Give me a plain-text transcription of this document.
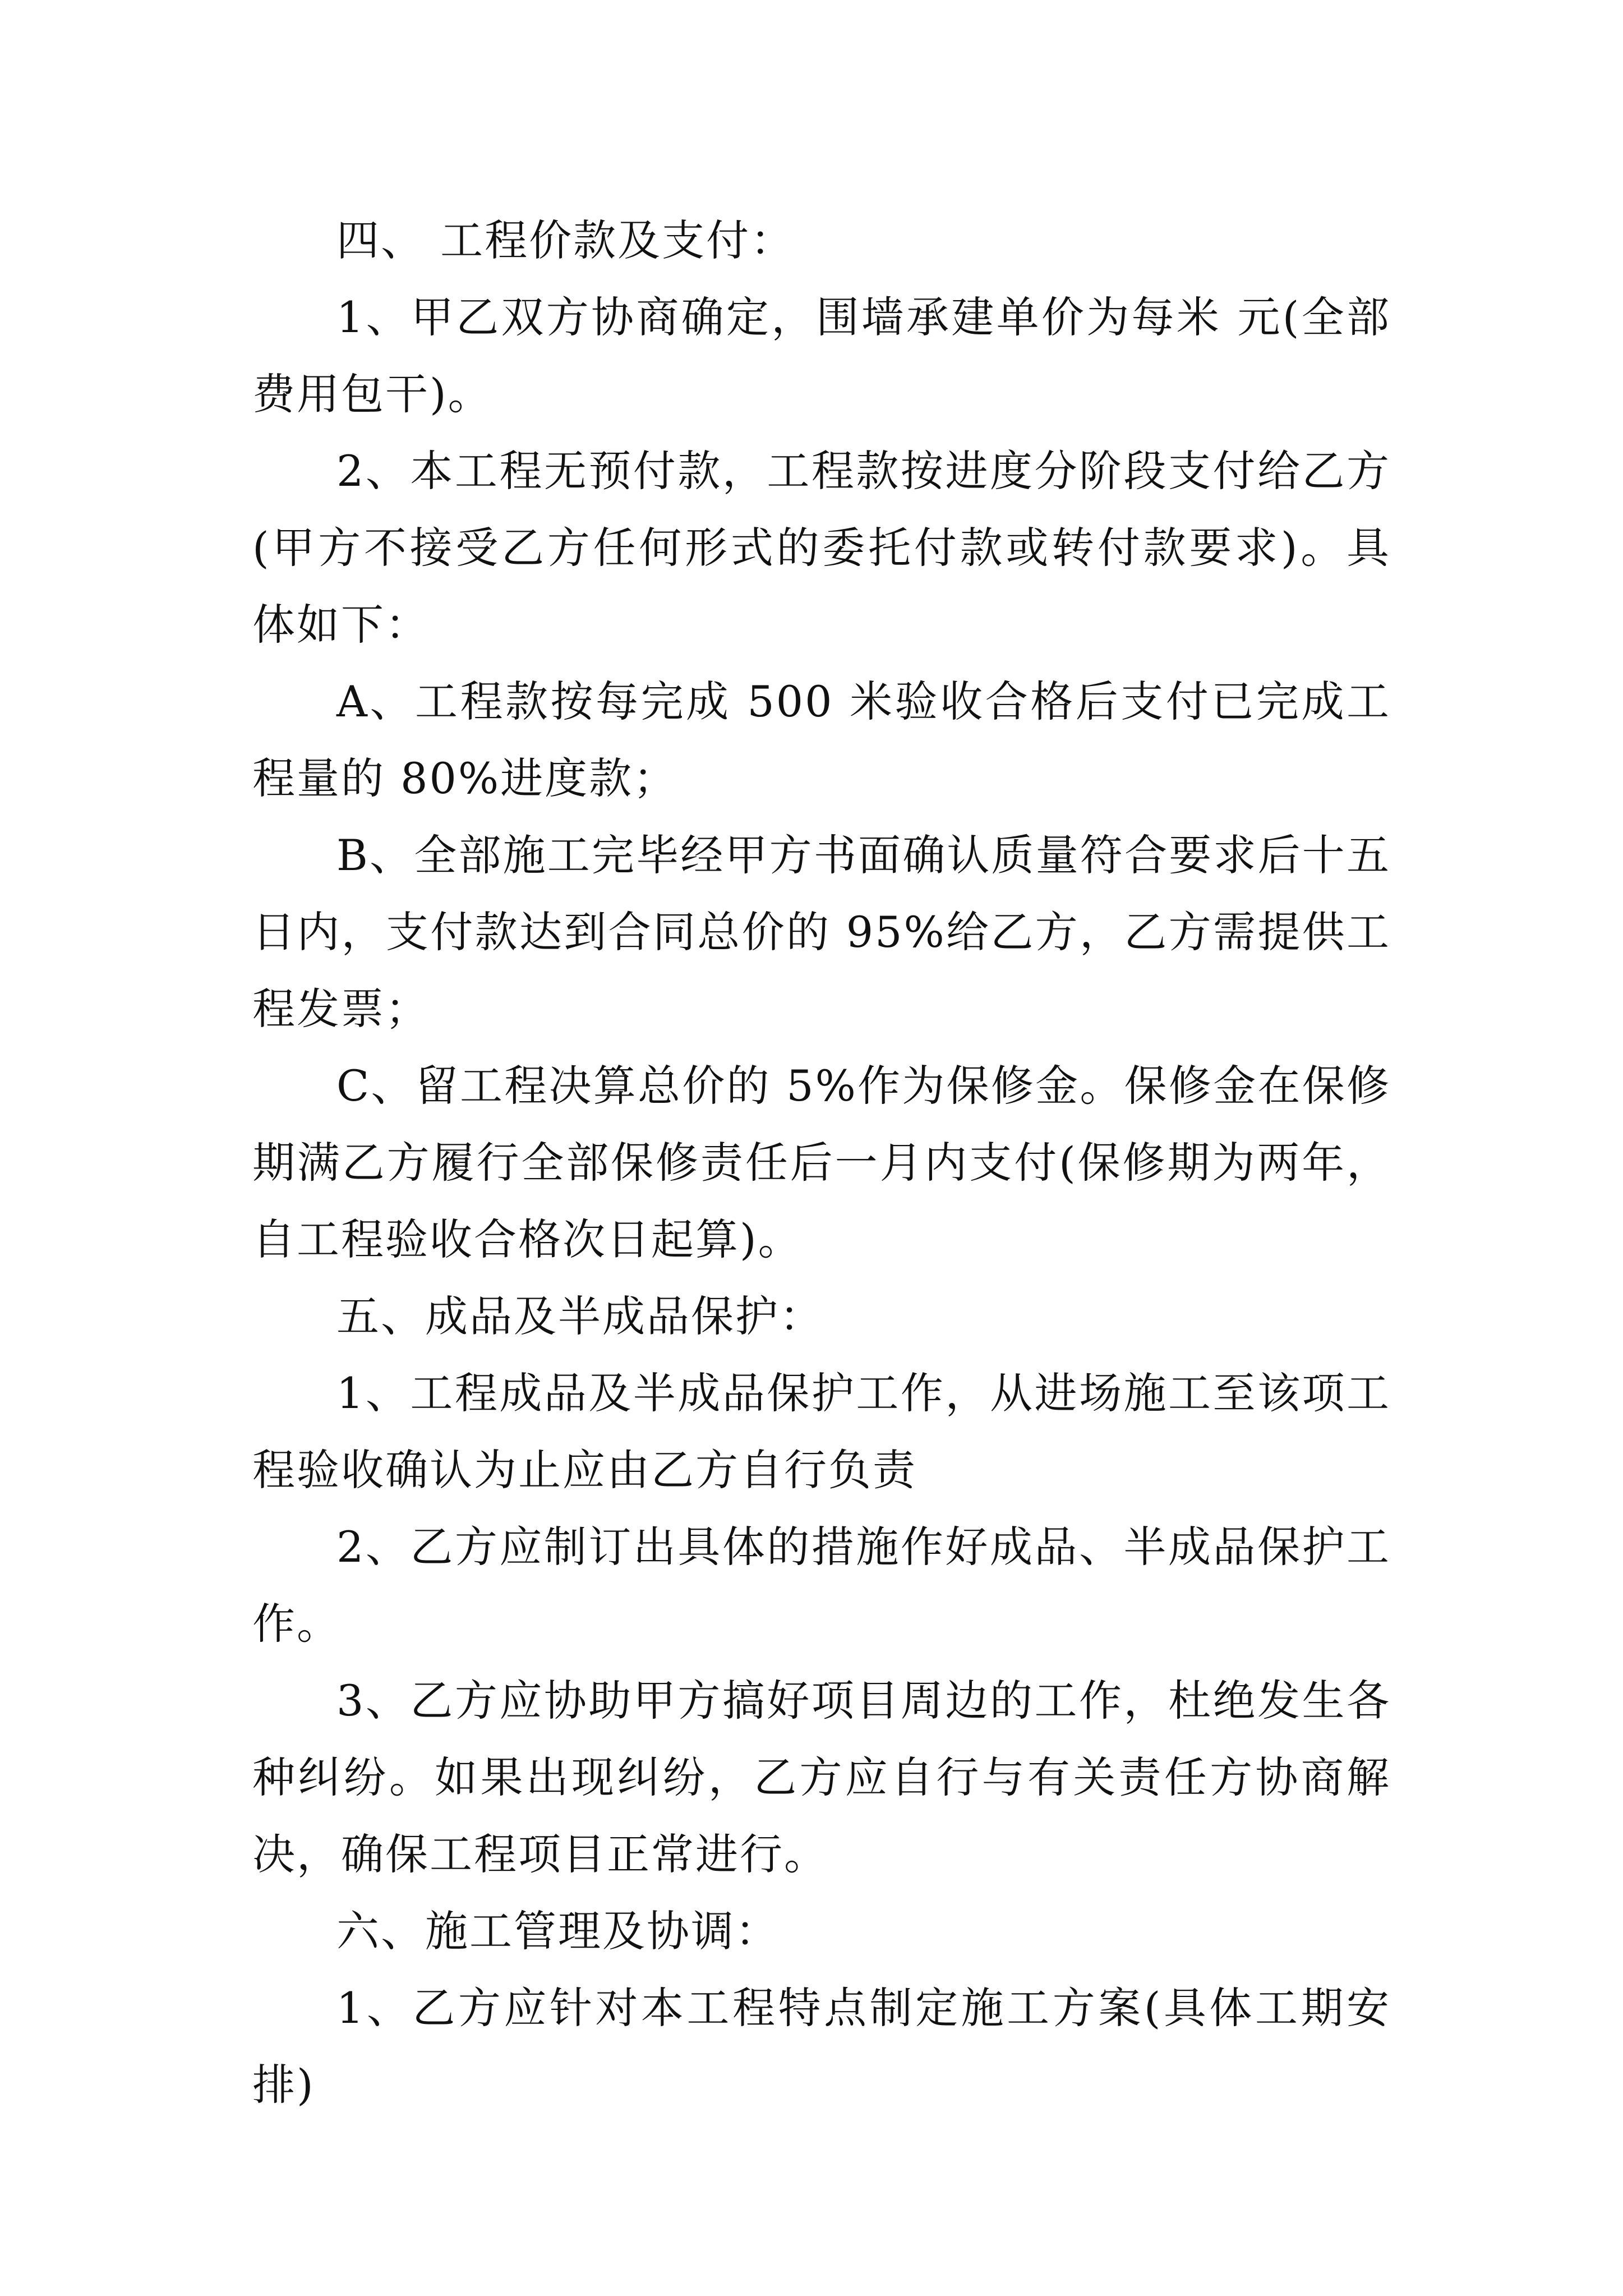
四、 工程价款及支付：

1、甲乙双方协商确定，围墙承建单价为每米 元(全部费用包干)。

2、本工程无预付款，工程款按进度分阶段支付给乙方(甲方不接受乙方任何形式的委托付款或转付款要求)。具体如下：

A、工程款按每完成 500 米验收合格后支付已完成工程量的 80%进度款；

B、全部施工完毕经甲方书面确认质量符合要求后十五日内，支付款达到合同总价的 95%给乙方，乙方需提供工程发票；

C、留工程决算总价的 5%作为保修金。保修金在保修期满乙方履行全部保修责任后一月内支付(保修期为两年，自工程验收合格次日起算)。

五、成品及半成品保护：

1、工程成品及半成品保护工作，从进场施工至该项工程验收确认为止应由乙方自行负责

2、乙方应制订出具体的措施作好成品、半成品保护工作。

3、乙方应协助甲方搞好项目周边的工作，杜绝发生各种纠纷。如果出现纠纷，乙方应自行与有关责任方协商解决，确保工程项目正常进行。

六、施工管理及协调：

1、乙方应针对本工程特点制定施工方案(具体工期安排)
